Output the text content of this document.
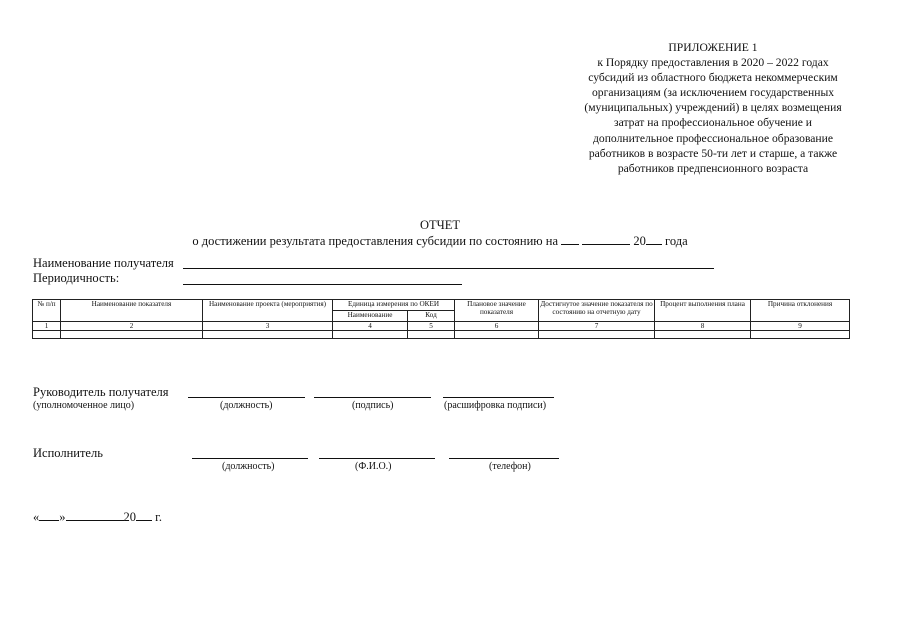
ПРИЛОЖЕНИЕ 1
к Порядку предоставления в 2020 – 2022 годах
субсидий из областного бюджета некоммерческим
организациям (за исключением государственных
(муниципальных) учреждений) в целях возмещения
затрат на профессиональное обучение и
дополнительное профессиональное образование
работников в возрасте 50-ти лет и старше, а также
работников предпенсионного возраста
ОТЧЕТ
о достижении результата предоставления субсидии по состоянию на	20 года
Наименование получателя
Периодичность:
№ п/п	Наименование показателя	Наименование проекта (мероприятия)	Единица измерения по ОКЕИ		Плановое значение показателя	Достигнутое значение показателя по состоянию на отчетную дату	Процент выполнения плана	Причина отклонения
			Наименование	Код				
1	2	3	4	5	6	7	8	9

Руководитель получателя
(уполномоченное лицо)	(должность)	(подпись)	(расшифровка подписи)
Исполнитель
(должность)	(Ф.И.О.)	(телефон)
« »	20 г.
